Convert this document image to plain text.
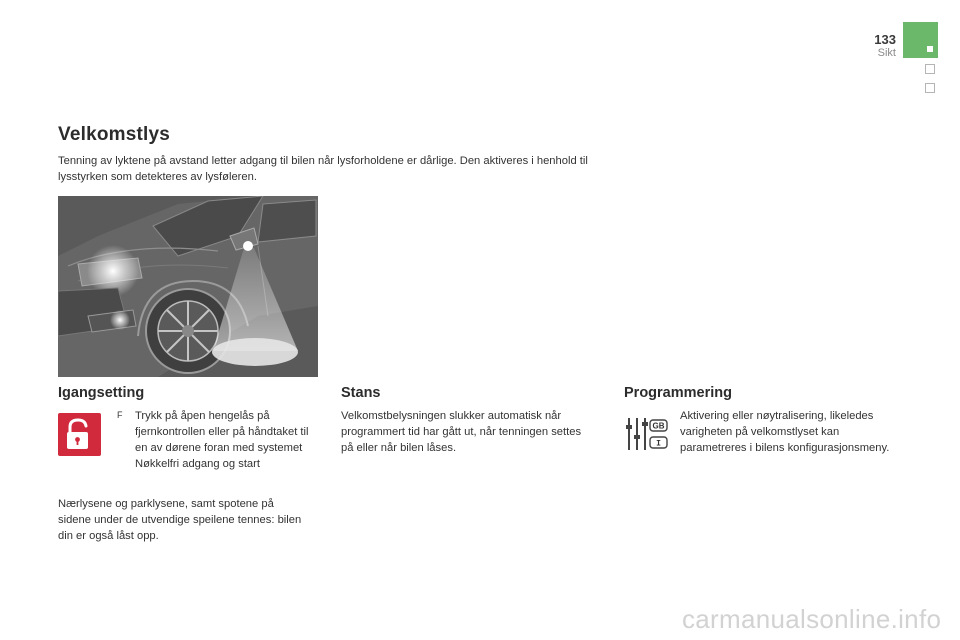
133
Sikt
Velkomstlys

Tenning av lyktene på avstand letter adgang til bilen når lysforholdene er dårlige. Den aktiveres i henhold til lysstyrken som detekteres av lysføleren.

Igangsetting
F Trykk på åpen hengelås på fjernkontrollen eller på håndtaket til en av dørene foran med systemet Nøkkelfri adgang og start

Nærlysene og parklysene, samt spotene på sidene under de utvendige speilene tennes: bilen din er også låst opp.

Stans

Velkomstbelysningen slukker automatisk når programmert tid har gått ut, når tenningen settes på eller når bilen låses.

Programmering
GB
I

Aktivering eller nøytralisering, likeledes varigheten på velkomstlyset kan parametreres i bilens konfigurasjonsmeny.

carmanualsonline.info
